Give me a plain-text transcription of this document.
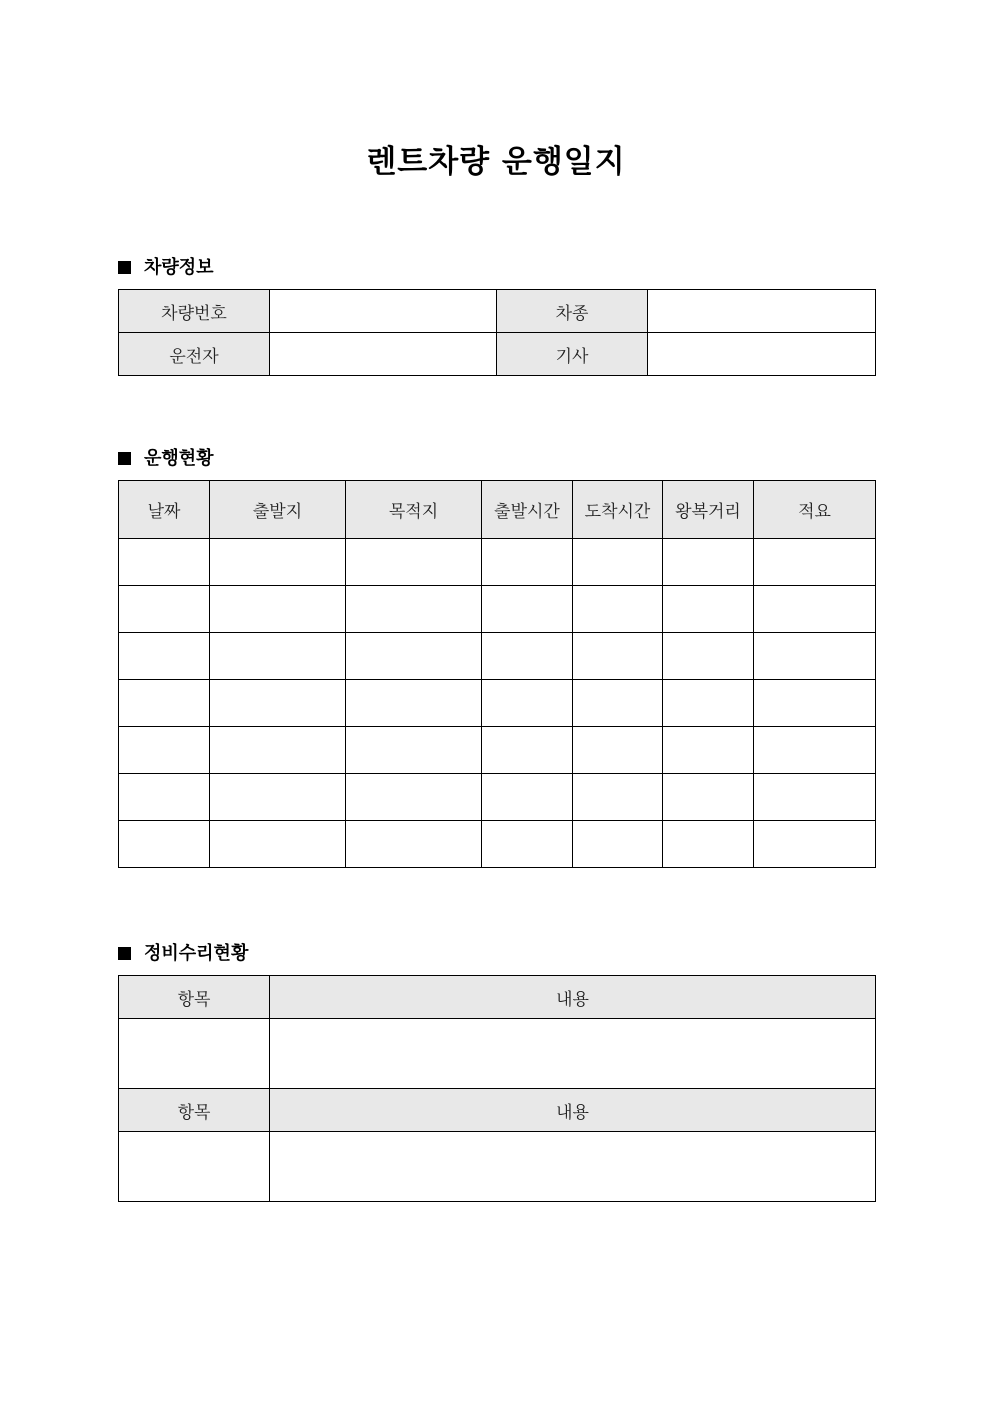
렌트차량 운행일지
차량정보
차량번호		차종	
운전자		기사	
운행현황
날짜	출발지	목적지	출발시간	도착시간	왕복거리	적요

정비수리현황
항목	내용

항목	내용
